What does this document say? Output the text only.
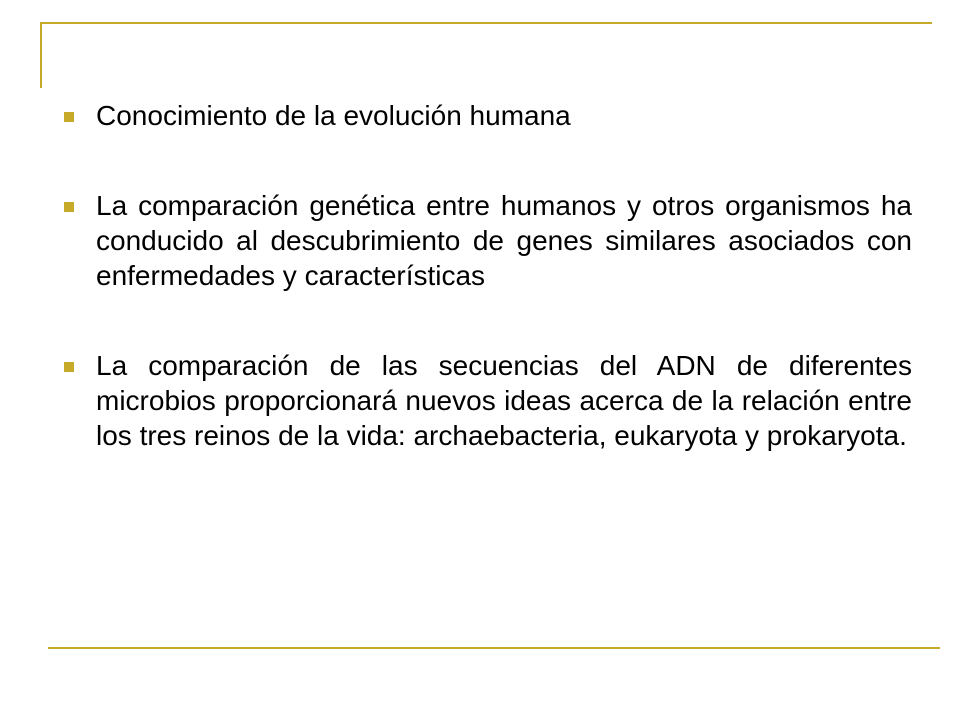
Conocimiento de la evolución humana
La comparación genética entre humanos y otros organismos ha conducido al descubrimiento de genes similares asociados con enfermedades y características
La comparación de las secuencias del ADN de diferentes microbios proporcionará nuevos ideas acerca de la relación entre los tres reinos de la vida: archaebacteria, eukaryota y prokaryota.
